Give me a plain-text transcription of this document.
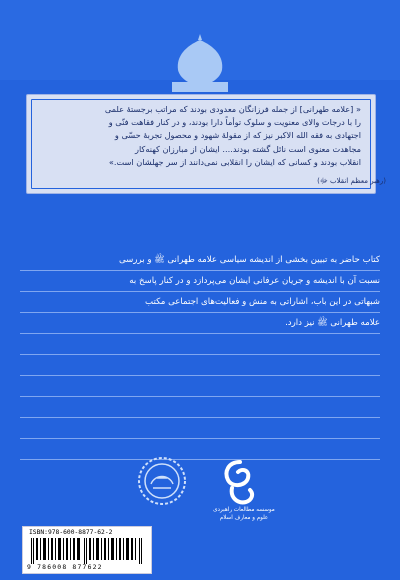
« [علامه طهرانی] از جمله فرزانگان معدودی بودند که مراتب برجستهٔ علمی
را با درجات والای معنویت و سلوک توأماً دارا بودند، و در کنار فقاهت فنّی و
اجتهادی به فقه الله الاکبر نیز که از مقولهٔ شهود و محصول تجربهٔ حسّی و
مجاهدت معنوی است نائل گشته بودند.... ایشان از مبارزان کهنه‌کار
انقلاب بودند و کسانی که ایشان را انقلابی نمی‌دانند از سر جهلشان است.»
(رهبر معظم انقلاب ﷻ)
کتاب حاضر به تبیین بخشی از اندیشه سیاسی علامه طهرانی ﷺ و بررسی
نسبت آن با اندیشه و جریان عرفانی ایشان می‌پردازد و در کنار پاسخ به
شبهاتی در این باب، اشاراتی به منش و فعالیت‌های اجتماعی مکتب
علامه طهرانی ﷺ نیز دارد.
موسسه مطالعات راهبردی
علوم و معارف اسلام
ISBN:978-600-8877-62-2
9 786008 877622
